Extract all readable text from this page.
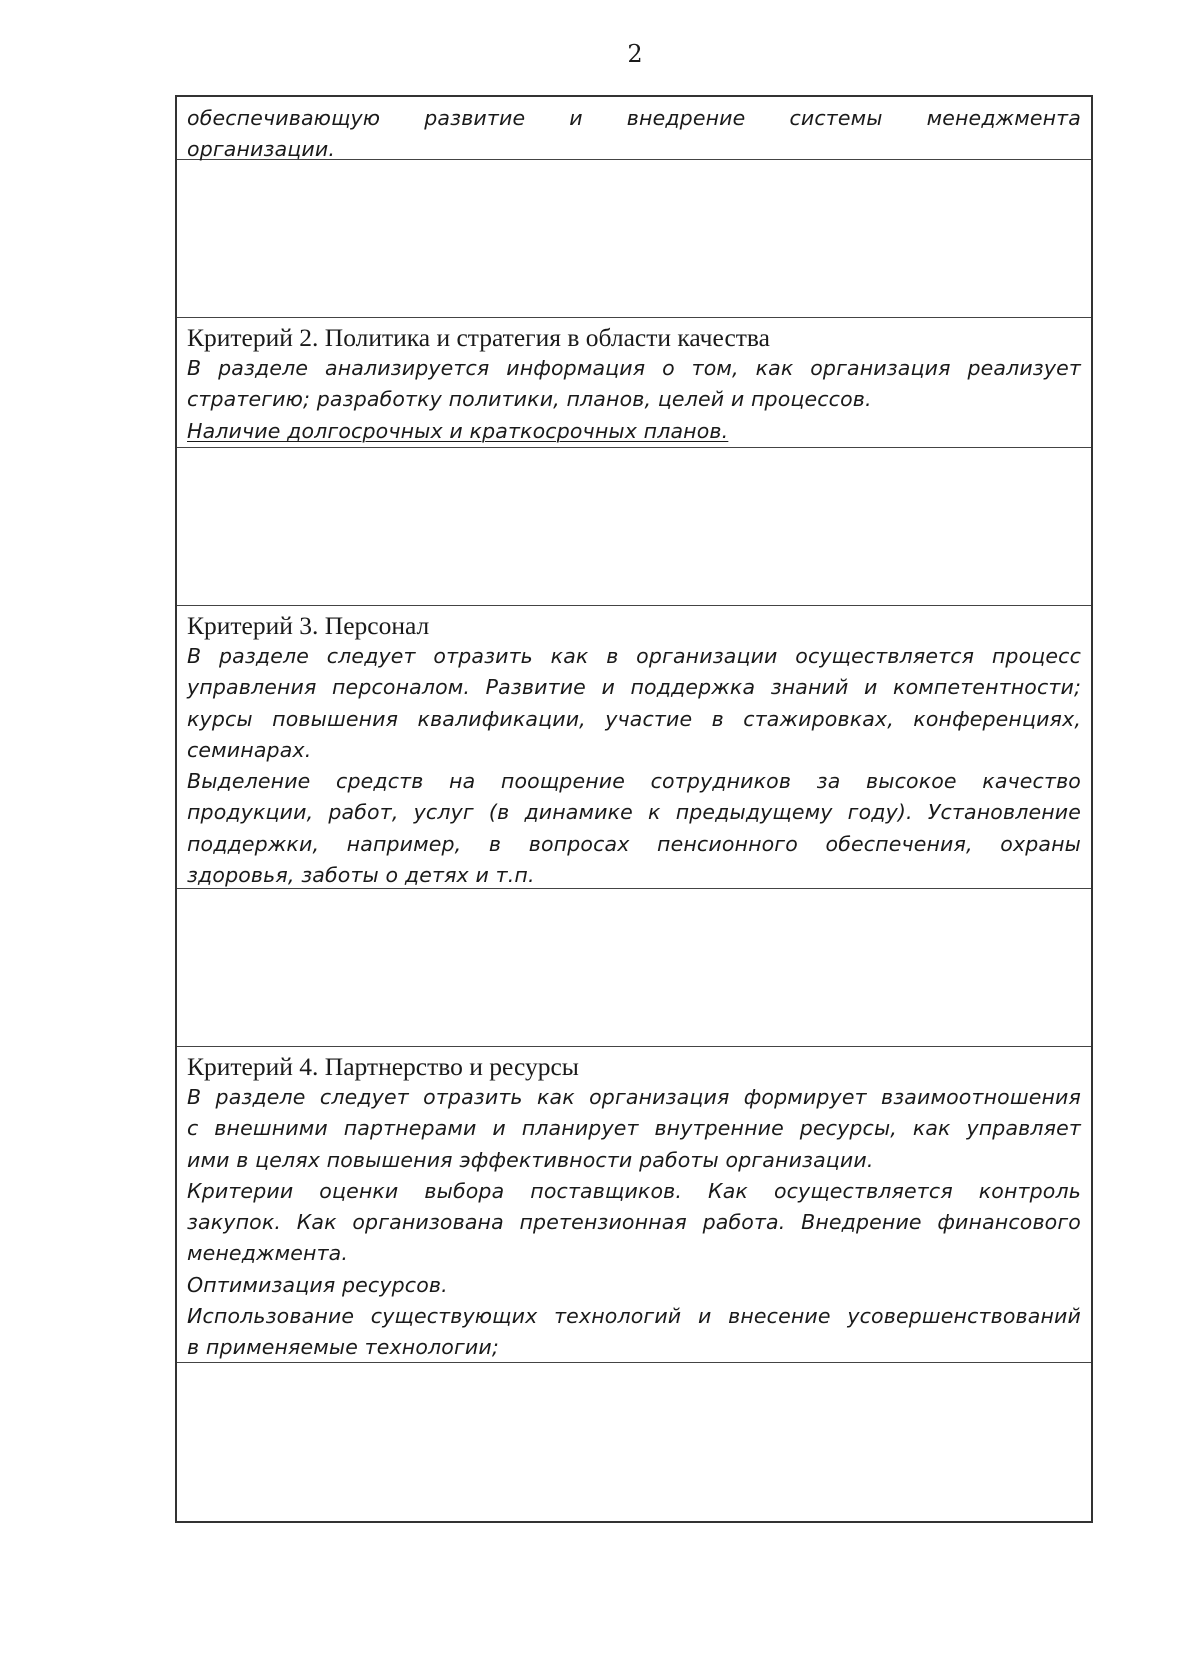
2
обеспечивающую развитие и внедрение системы менеджмента
организации.
Критерий 2. Политика и стратегия в области качества
В разделе анализируется информация о том, как организация реализует
стратегию; разработку политики, планов, целей и процессов.
Наличие долгосрочных и краткосрочных планов.
Критерий 3. Персонал
В разделе следует отразить как в организации осуществляется процесс
управления персоналом. Развитие и поддержка знаний и компетентности;
курсы повышения квалификации, участие в стажировках, конференциях,
семинарах.
Выделение средств на поощрение сотрудников за высокое качество
продукции, работ, услуг (в динамике к предыдущему году). Установление
поддержки, например, в вопросах пенсионного обеспечения, охраны
здоровья, заботы о детях и т.п.
Критерий 4. Партнерство и ресурсы
В разделе следует отразить как организация формирует взаимоотношения
с внешними партнерами и планирует внутренние ресурсы, как управляет
ими в целях повышения эффективности работы организации.
Критерии оценки выбора поставщиков. Как осуществляется контроль
закупок. Как организована претензионная работа. Внедрение финансового
менеджмента.
Оптимизация ресурсов.
Использование существующих технологий и внесение усовершенствований
в применяемые технологии;
